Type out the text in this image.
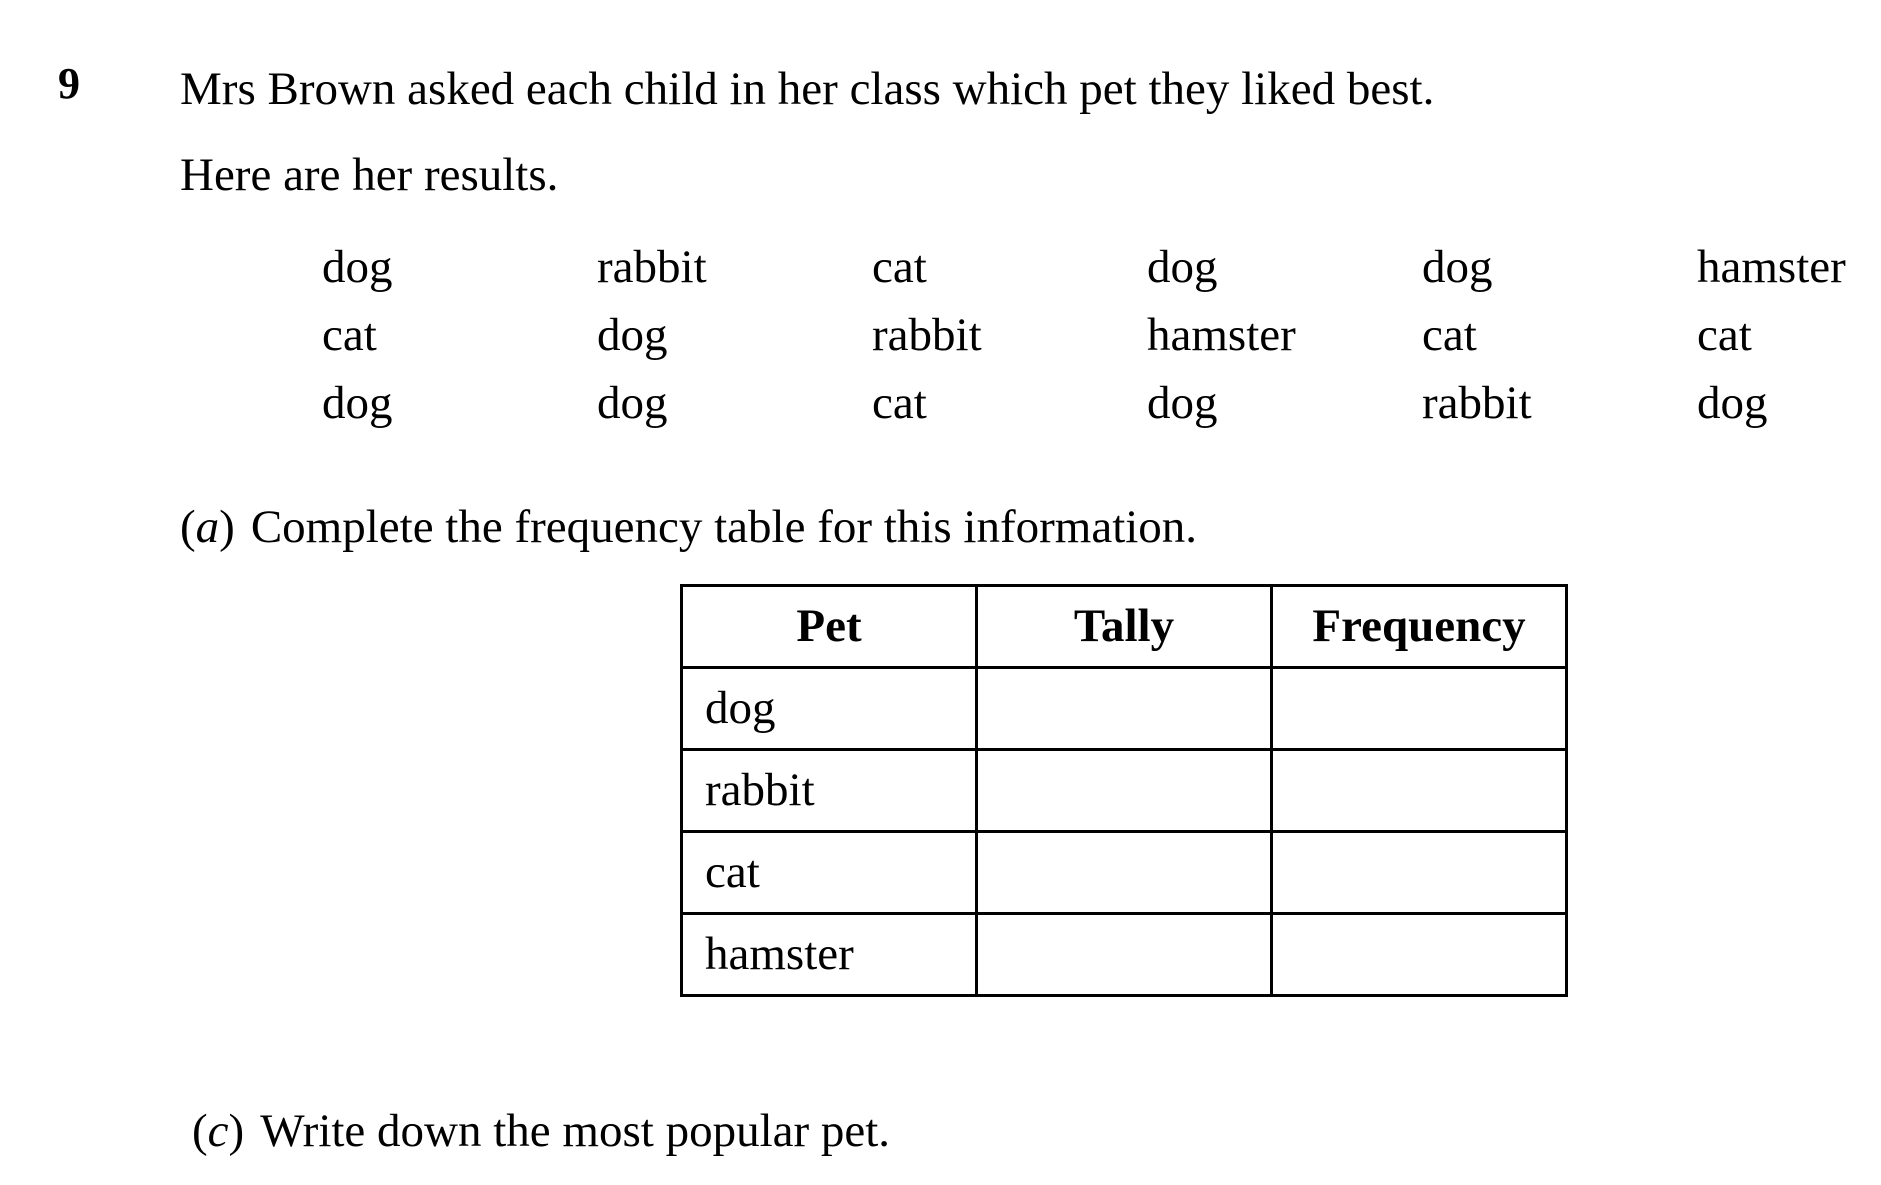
9 Mrs Brown asked each child in her class which pet they liked best.
Here are her results.
dog	rabbit	cat	dog	dog	hamster
cat	dog	rabbit	hamster	cat	cat
dog	dog	cat	dog	rabbit	dog
(a) Complete the frequency table for this information.
Pet	Tally	Frequency
dog		
rabbit		
cat		
hamster		
(c) Write down the most popular pet.
